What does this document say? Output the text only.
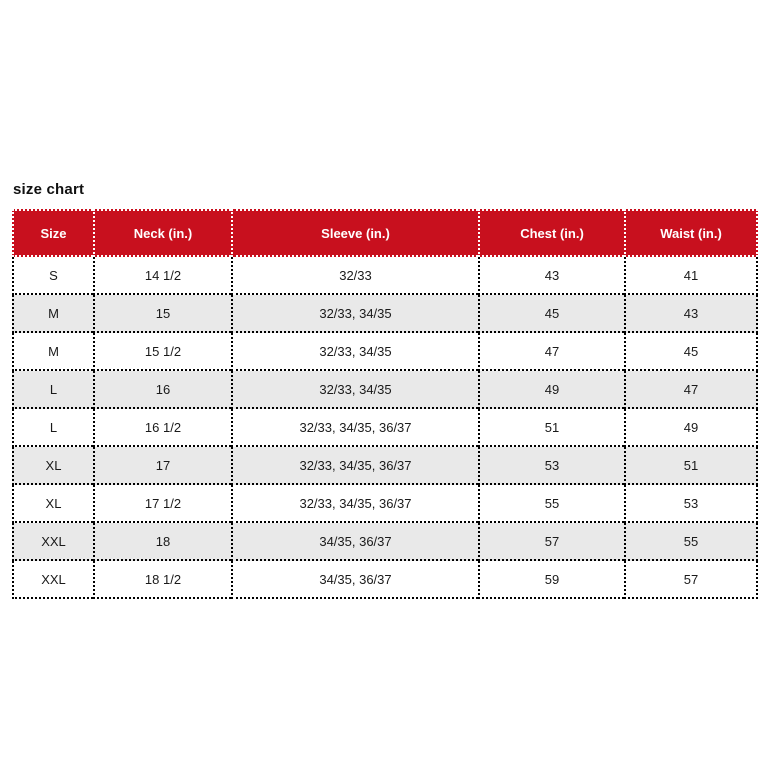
size chart

Size	Neck (in.)	Sleeve (in.)	Chest (in.)	Waist (in.)
S	14 1/2	32/33	43	41
M	15	32/33, 34/35	45	43
M	15 1/2	32/33, 34/35	47	45
L	16	32/33, 34/35	49	47
L	16 1/2	32/33, 34/35, 36/37	51	49
XL	17	32/33, 34/35, 36/37	53	51
XL	17 1/2	32/33, 34/35, 36/37	55	53
XXL	18	34/35, 36/37	57	55
XXL	18 1/2	34/35, 36/37	59	57
